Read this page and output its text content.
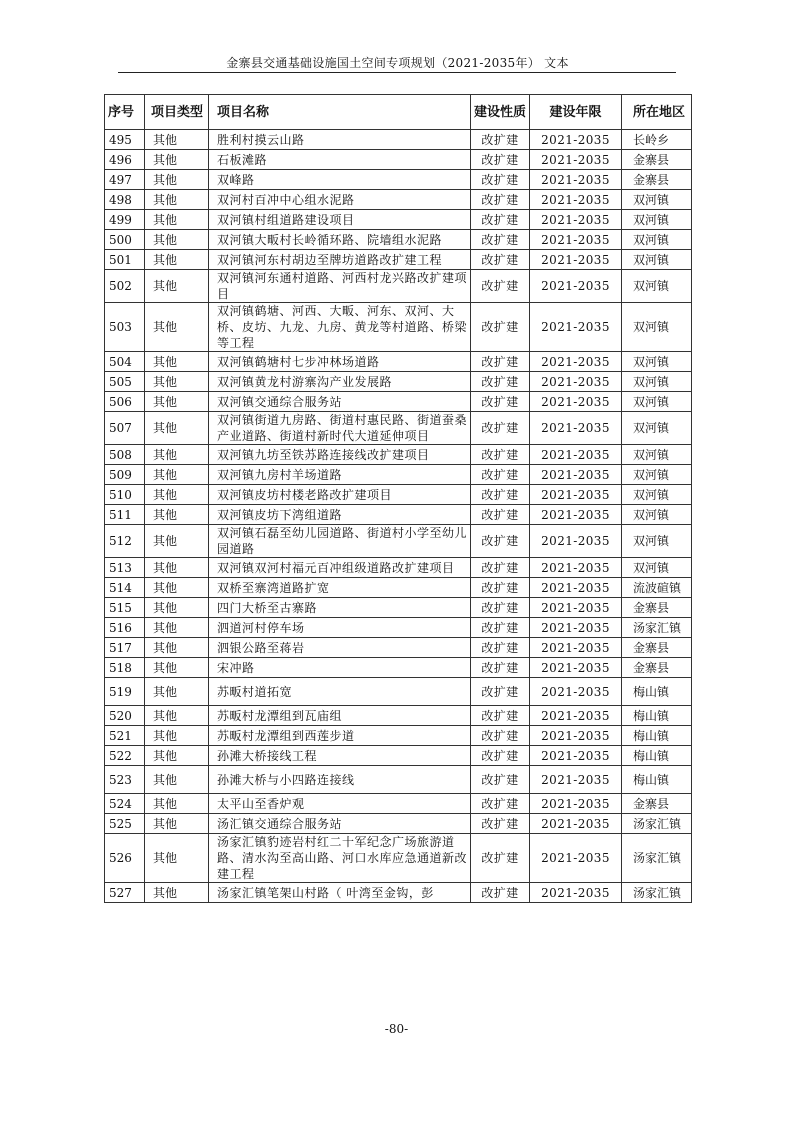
金寨县交通基础设施国土空间专项规划（2021-2035年） 文本
序号	项目类型	项目名称	建设性质	建设年限	所在地区
495	其他	胜利村摸云山路	改扩建	2021-2035	长岭乡
496	其他	石板滩路	改扩建	2021-2035	金寨县
497	其他	双峰路	改扩建	2021-2035	金寨县
498	其他	双河村百冲中心组水泥路	改扩建	2021-2035	双河镇
499	其他	双河镇村组道路建设项目	改扩建	2021-2035	双河镇
500	其他	双河镇大畈村长岭循环路、院墙组水泥路	改扩建	2021-2035	双河镇
501	其他	双河镇河东村胡边至牌坊道路改扩建工程	改扩建	2021-2035	双河镇
502	其他	双河镇河东通村道路、河西村龙兴路改扩建项目	改扩建	2021-2035	双河镇
503	其他	双河镇鹤塘、河西、大畈、河东、双河、大桥、皮坊、九龙、九房、黄龙等村道路、桥梁等工程	改扩建	2021-2035	双河镇
504	其他	双河镇鹤塘村七步冲林场道路	改扩建	2021-2035	双河镇
505	其他	双河镇黄龙村游寨沟产业发展路	改扩建	2021-2035	双河镇
506	其他	双河镇交通综合服务站	改扩建	2021-2035	双河镇
507	其他	双河镇街道九房路、街道村惠民路、街道蚕桑产业道路、街道村新时代大道延伸项目	改扩建	2021-2035	双河镇
508	其他	双河镇九坊至铁苏路连接线改扩建项目	改扩建	2021-2035	双河镇
509	其他	双河镇九房村羊场道路	改扩建	2021-2035	双河镇
510	其他	双河镇皮坊村楼老路改扩建项目	改扩建	2021-2035	双河镇
511	其他	双河镇皮坊下湾组道路	改扩建	2021-2035	双河镇
512	其他	双河镇石磊至幼儿园道路、街道村小学至幼儿园道路	改扩建	2021-2035	双河镇
513	其他	双河镇双河村福元百冲组级道路改扩建项目	改扩建	2021-2035	双河镇
514	其他	双桥至寨湾道路扩宽	改扩建	2021-2035	流波碹镇
515	其他	四门大桥至古寨路	改扩建	2021-2035	金寨县
516	其他	泗道河村停车场	改扩建	2021-2035	汤家汇镇
517	其他	泗银公路至蒋岩	改扩建	2021-2035	金寨县
518	其他	宋冲路	改扩建	2021-2035	金寨县
519	其他	苏畈村道拓宽	改扩建	2021-2035	梅山镇
520	其他	苏畈村龙潭组到瓦庙组	改扩建	2021-2035	梅山镇
521	其他	苏畈村龙潭组到西莲步道	改扩建	2021-2035	梅山镇
522	其他	孙滩大桥接线工程	改扩建	2021-2035	梅山镇
523	其他	孙滩大桥与小四路连接线	改扩建	2021-2035	梅山镇
524	其他	太平山至香炉观	改扩建	2021-2035	金寨县
525	其他	汤汇镇交通综合服务站	改扩建	2021-2035	汤家汇镇
526	其他	汤家汇镇豹迹岩村红二十军纪念广场旅游道路、清水沟至高山路、河口水库应急通道新改建工程	改扩建	2021-2035	汤家汇镇
527	其他	汤家汇镇笔架山村路（ 叶湾至金钩，彭	改扩建	2021-2035	汤家汇镇
-80-
